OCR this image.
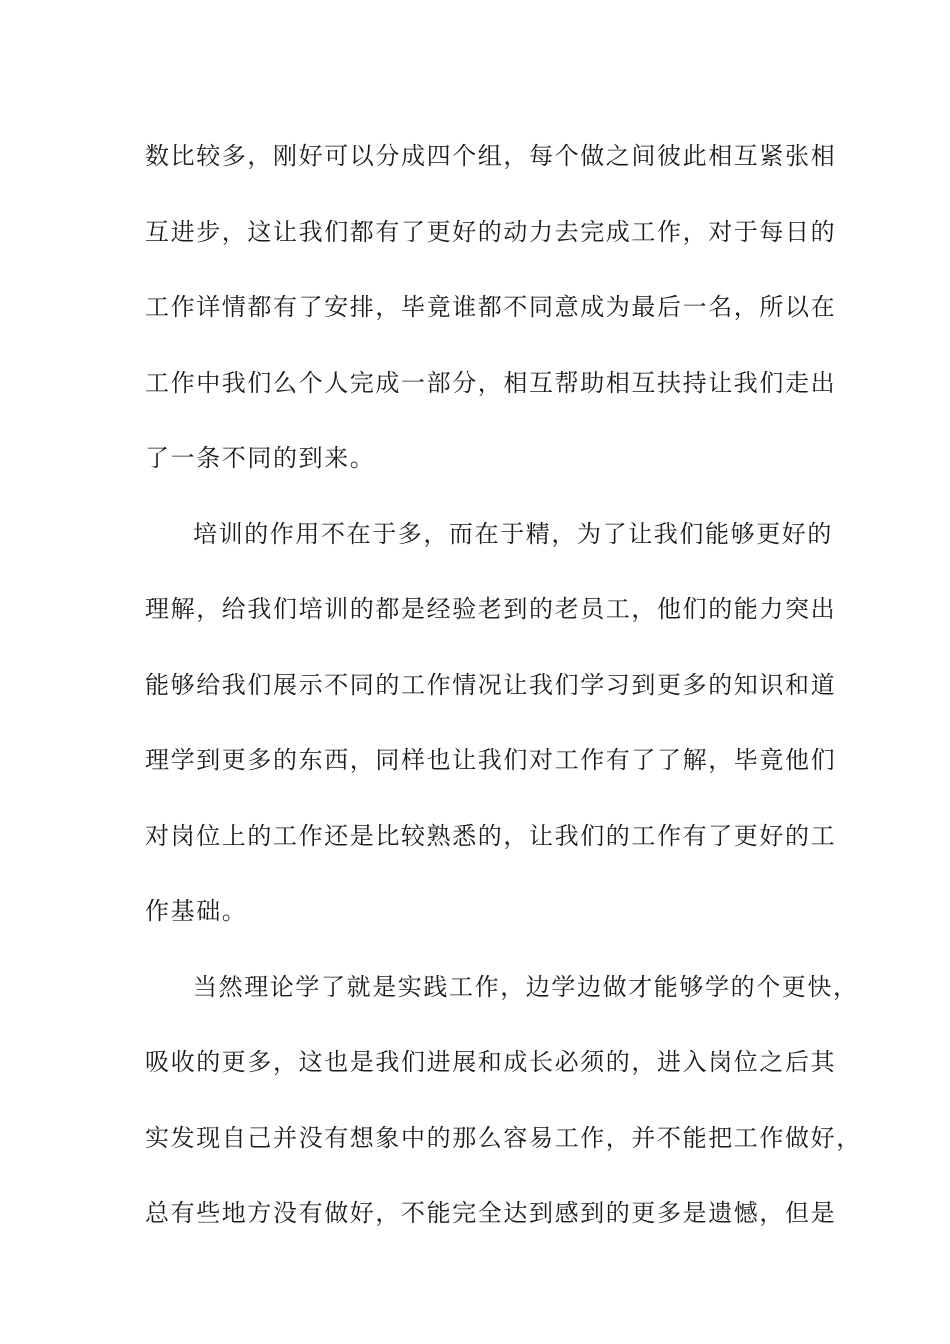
数比较多，刚好可以分成四个组，每个做之间彼此相互紧张相
互进步，这让我们都有了更好的动力去完成工作，对于每日的
工作详情都有了安排，毕竟谁都不同意成为最后一名，所以在
工作中我们么个人完成一部分，相互帮助相互扶持让我们走出
了一条不同的到来。
培训的作用不在于多，而在于精，为了让我们能够更好的
理解，给我们培训的都是经验老到的老员工，他们的能力突出
能够给我们展示不同的工作情况让我们学习到更多的知识和道
理学到更多的东西，同样也让我们对工作有了了解，毕竟他们
对岗位上的工作还是比较熟悉的，让我们的工作有了更好的工
作基础。
当然理论学了就是实践工作，边学边做才能够学的个更快，
吸收的更多，这也是我们进展和成长必须的，进入岗位之后其
实发现自己并没有想象中的那么容易工作，并不能把工作做好，
总有些地方没有做好，不能完全达到感到的更多是遗憾，但是
